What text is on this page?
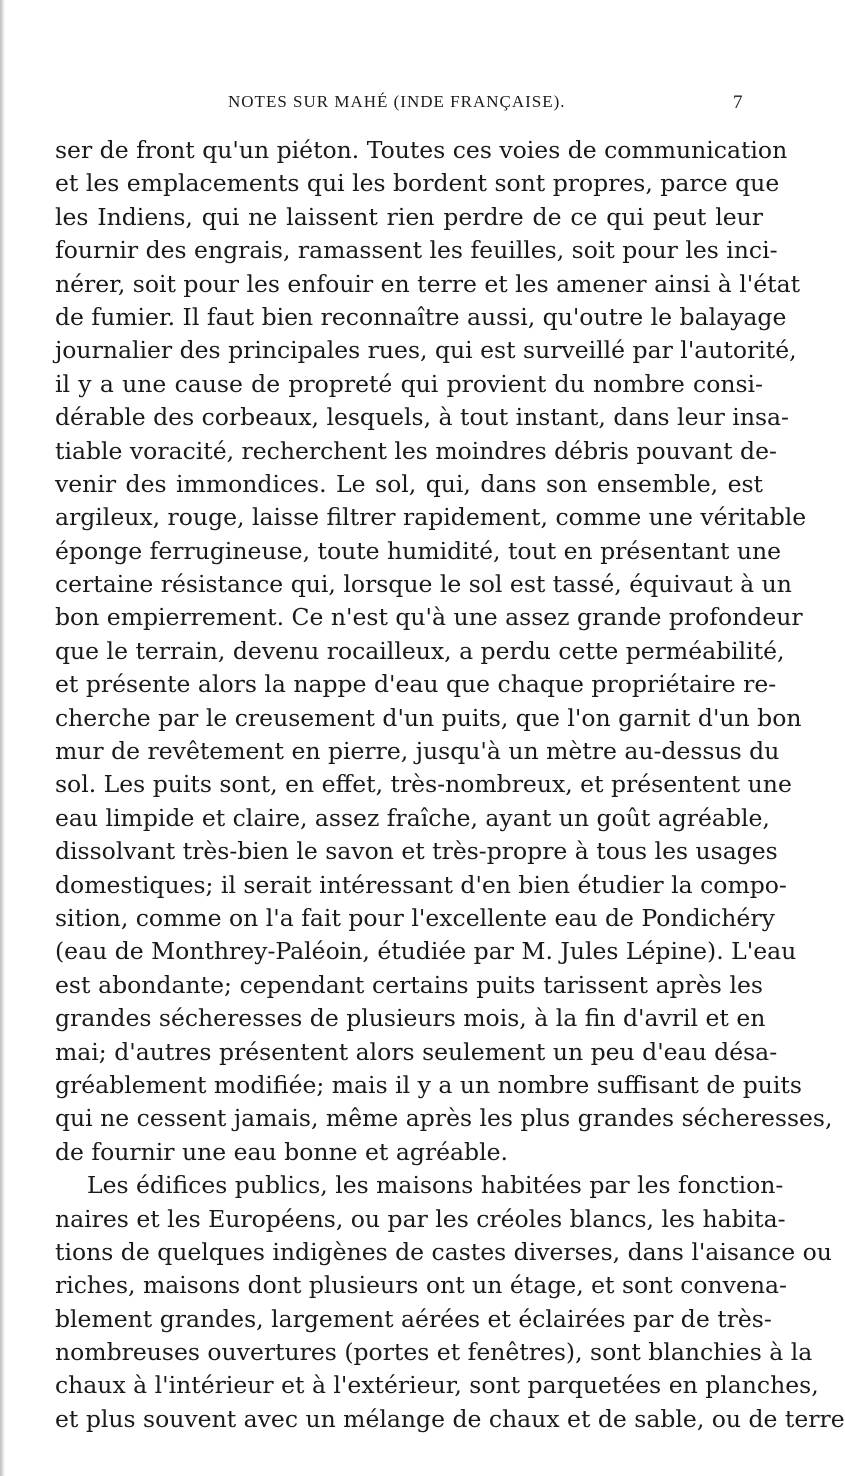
NOTES SUR MAHÉ (INDE FRANÇAISE).	7
ser de front qu'un piéton. Toutes ces voies de communication
et les emplacements qui les bordent sont propres, parce que
les Indiens, qui ne laissent rien perdre de ce qui peut leur
fournir des engrais, ramassent les feuilles, soit pour les inci-
nérer, soit pour les enfouir en terre et les amener ainsi à l'état
de fumier. Il faut bien reconnaître aussi, qu'outre le balayage
journalier des principales rues, qui est surveillé par l'autorité,
il y a une cause de propreté qui provient du nombre consi-
dérable des corbeaux, lesquels, à tout instant, dans leur insa-
tiable voracité, recherchent les moindres débris pouvant de-
venir des immondices. Le sol, qui, dans son ensemble, est
argileux, rouge, laisse filtrer rapidement, comme une véritable
éponge ferrugineuse, toute humidité, tout en présentant une
certaine résistance qui, lorsque le sol est tassé, équivaut à un
bon empierrement. Ce n'est qu'à une assez grande profondeur
que le terrain, devenu rocailleux, a perdu cette perméabilité,
et présente alors la nappe d'eau que chaque propriétaire re-
cherche par le creusement d'un puits, que l'on garnit d'un bon
mur de revêtement en pierre, jusqu'à un mètre au-dessus du
sol. Les puits sont, en effet, très-nombreux, et présentent une
eau limpide et claire, assez fraîche, ayant un goût agréable,
dissolvant très-bien le savon et très-propre à tous les usages
domestiques; il serait intéressant d'en bien étudier la compo-
sition, comme on l'a fait pour l'excellente eau de Pondichéry
(eau de Monthrey-Paléoin, étudiée par M. Jules Lépine). L'eau
est abondante; cependant certains puits tarissent après les
grandes sécheresses de plusieurs mois, à la fin d'avril et en
mai; d'autres présentent alors seulement un peu d'eau désa-
gréablement modifiée; mais il y a un nombre suffisant de puits
qui ne cessent jamais, même après les plus grandes sécheresses,
de fournir une eau bonne et agréable.
Les édifices publics, les maisons habitées par les fonction-
naires et les Européens, ou par les créoles blancs, les habita-
tions de quelques indigènes de castes diverses, dans l'aisance ou
riches, maisons dont plusieurs ont un étage, et sont convena-
blement grandes, largement aérées et éclairées par de très-
nombreuses ouvertures (portes et fenêtres), sont blanchies à la
chaux à l'intérieur et à l'extérieur, sont parquetées en planches,
et plus souvent avec un mélange de chaux et de sable, ou de terre
